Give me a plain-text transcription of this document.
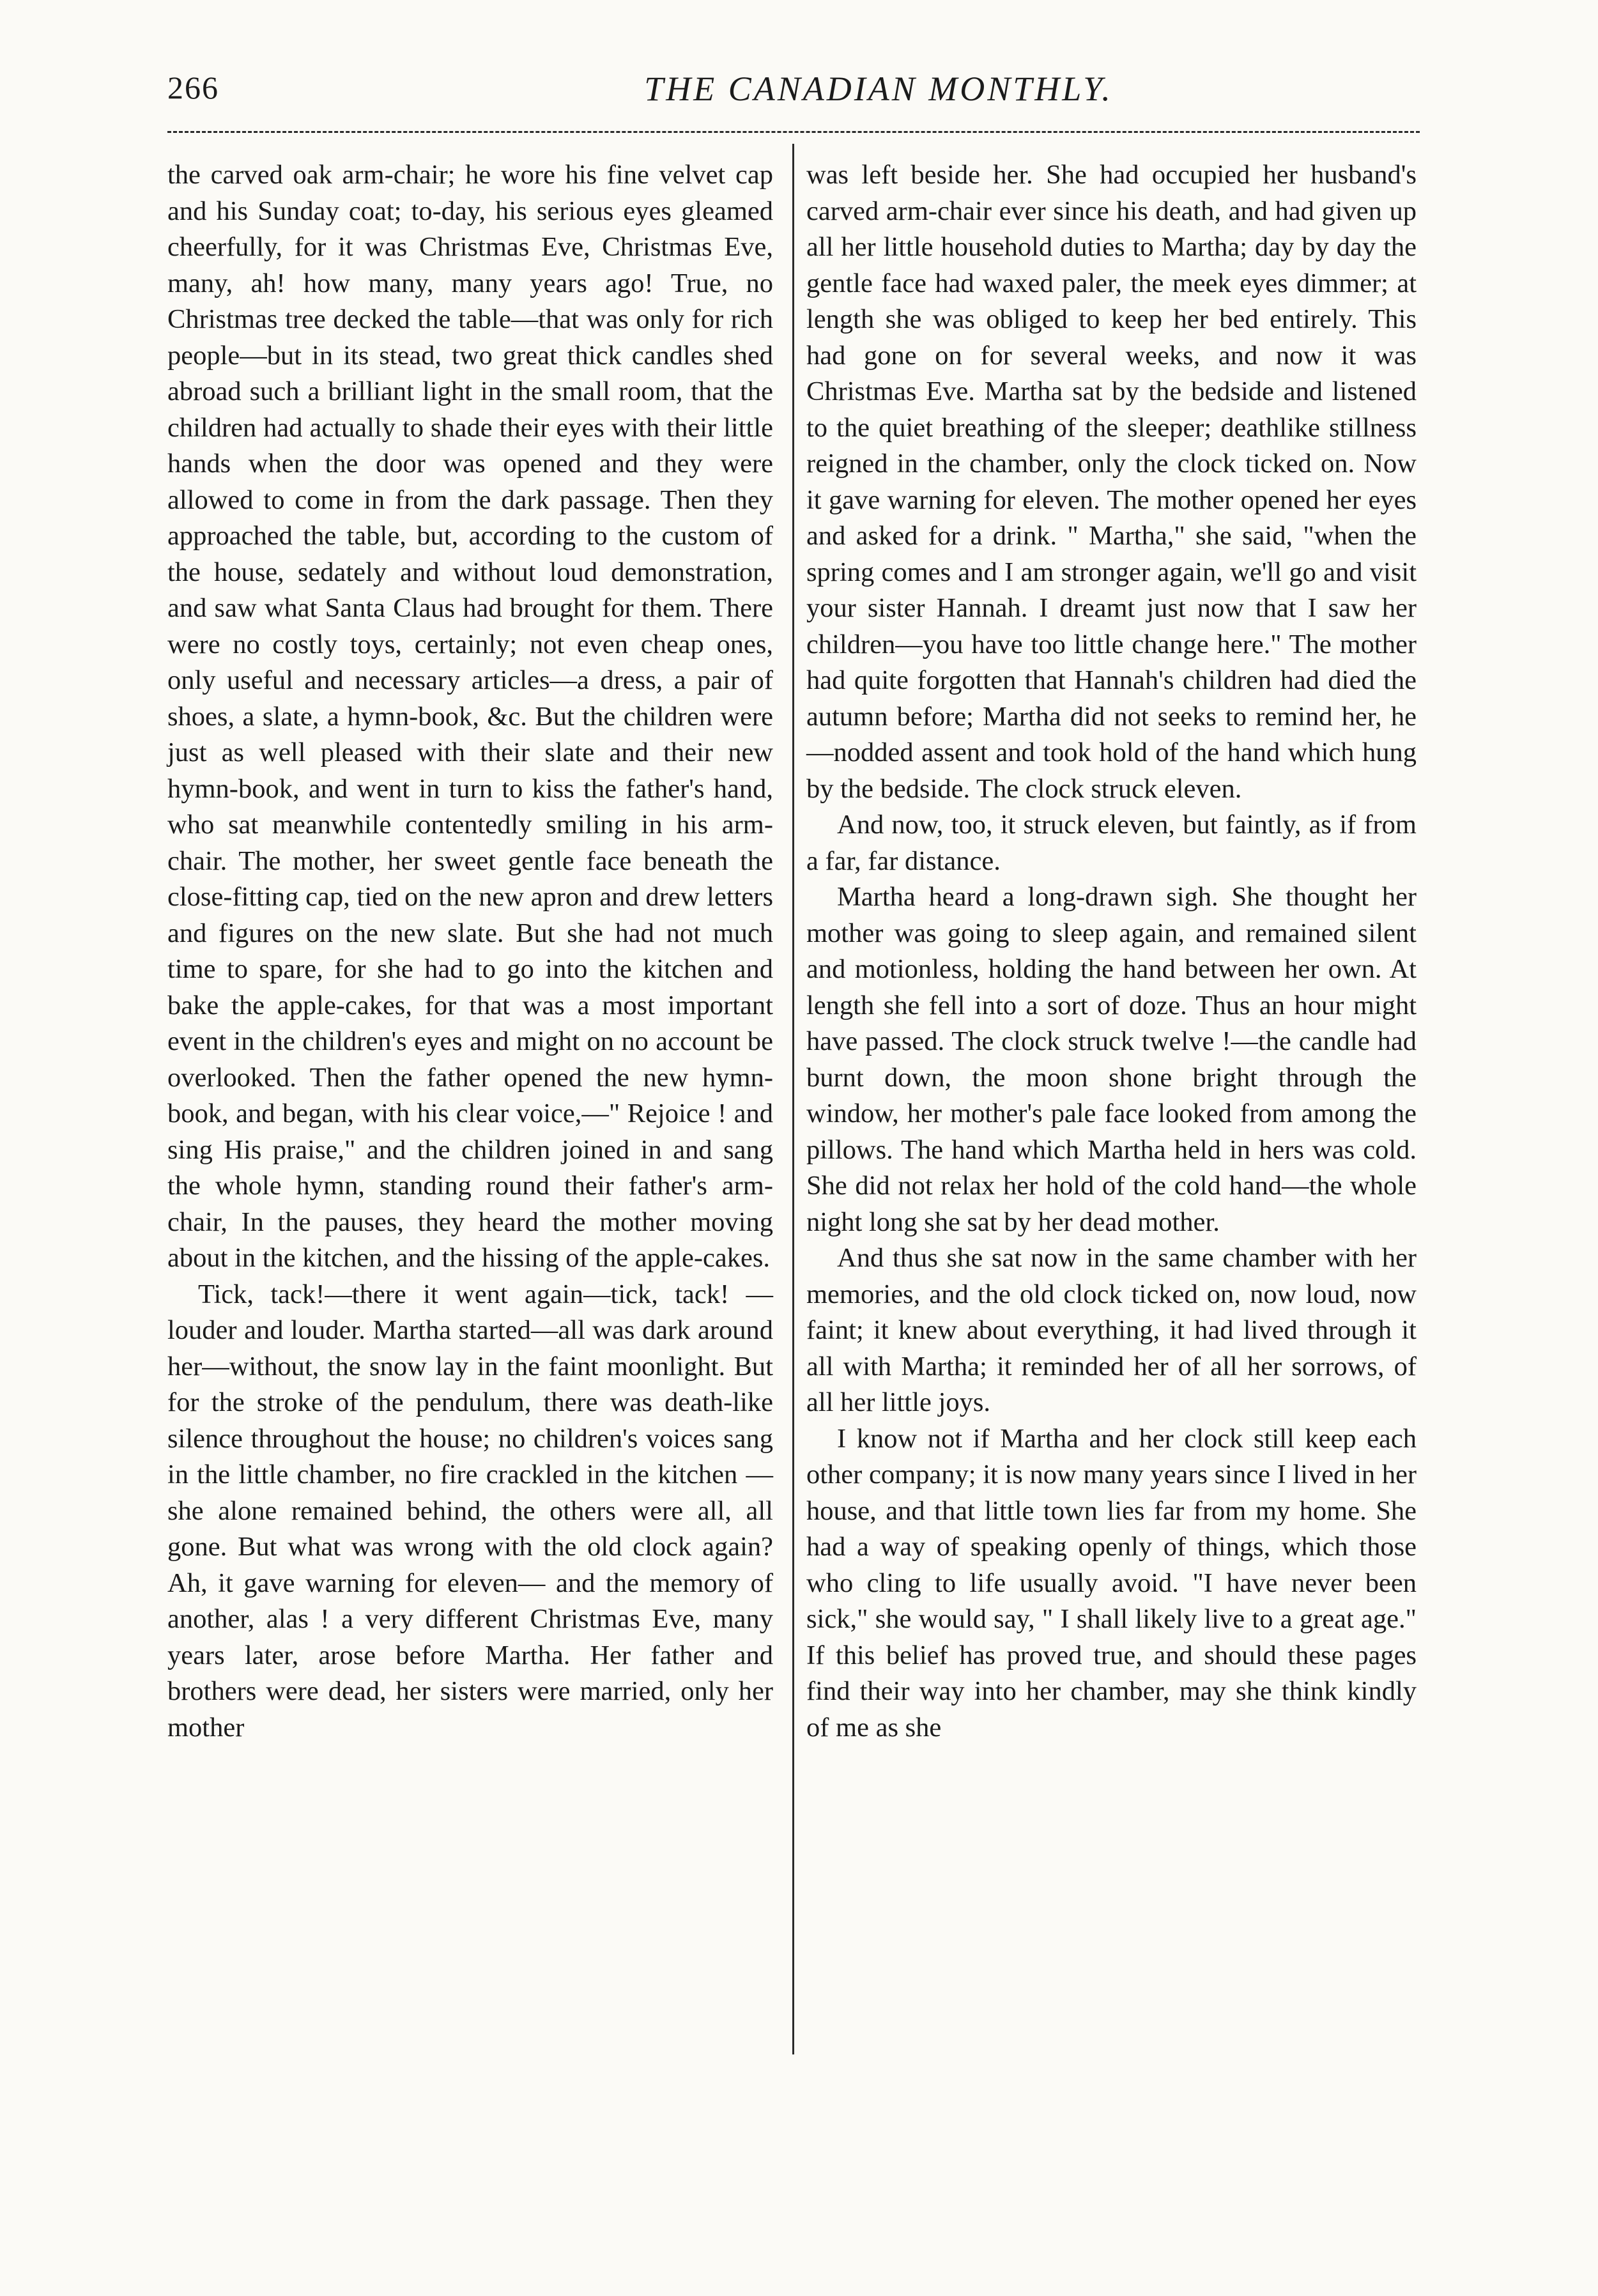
266	THE CANADIAN MONTHLY.

the carved oak arm-chair; he wore his fine velvet cap and his Sunday coat; to-day, his serious eyes gleamed cheerfully, for it was Christmas Eve, Christmas Eve, many, ah! how many, many years ago! True, no Christmas tree decked the table—that was only for rich people—but in its stead, two great thick candles shed abroad such a brilliant light in the small room, that the children had actually to shade their eyes with their little hands when the door was opened and they were allowed to come in from the dark passage. Then they approached the table, but, according to the custom of the house, sedately and without loud demonstration, and saw what Santa Claus had brought for them. There were no costly toys, certainly; not even cheap ones, only useful and necessary articles—a dress, a pair of shoes, a slate, a hymn-book, &c. But the children were just as well pleased with their slate and their new hymn-book, and went in turn to kiss the father's hand, who sat meanwhile contentedly smiling in his arm-chair. The mother, her sweet gentle face beneath the close-fitting cap, tied on the new apron and drew letters and figures on the new slate. But she had not much time to spare, for she had to go into the kitchen and bake the apple-cakes, for that was a most important event in the children's eyes and might on no account be overlooked. Then the father opened the new hymn-book, and began, with his clear voice,—" Rejoice ! and sing His praise," and the children joined in and sang the whole hymn, standing round their father's arm-chair, In the pauses, they heard the mother moving about in the kitchen, and the hissing of the apple-cakes.

Tick, tack!—there it went again—tick, tack! —louder and louder. Martha started—all was dark around her—without, the snow lay in the faint moonlight. But for the stroke of the pendulum, there was death-like silence throughout the house; no children's voices sang in the little chamber, no fire crackled in the kitchen —she alone remained behind, the others were all, all gone. But what was wrong with the old clock again? Ah, it gave warning for eleven— and the memory of another, alas ! a very different Christmas Eve, many years later, arose before Martha. Her father and brothers were dead, her sisters were married, only her mother

was left beside her. She had occupied her husband's carved arm-chair ever since his death, and had given up all her little household duties to Martha; day by day the gentle face had waxed paler, the meek eyes dimmer; at length she was obliged to keep her bed entirely. This had gone on for several weeks, and now it was Christmas Eve. Martha sat by the bedside and listened to the quiet breathing of the sleeper; deathlike stillness reigned in the chamber, only the clock ticked on. Now it gave warning for eleven. The mother opened her eyes and asked for a drink. " Martha," she said, "when the spring comes and I am stronger again, we'll go and visit your sister Hannah. I dreamt just now that I saw her children—you have too little change here." The mother had quite forgotten that Hannah's children had died the autumn before; Martha did not seeks to remind her, he—nodded assent and took hold of the hand which hung by the bedside. The clock struck eleven.

And now, too, it struck eleven, but faintly, as if from a far, far distance.

Martha heard a long-drawn sigh. She thought her mother was going to sleep again, and remained silent and motionless, holding the hand between her own. At length she fell into a sort of doze. Thus an hour might have passed. The clock struck twelve !—the candle had burnt down, the moon shone bright through the window, her mother's pale face looked from among the pillows. The hand which Martha held in hers was cold. She did not relax her hold of the cold hand—the whole night long she sat by her dead mother.

And thus she sat now in the same chamber with her memories, and the old clock ticked on, now loud, now faint; it knew about everything, it had lived through it all with Martha; it reminded her of all her sorrows, of all her little joys.

I know not if Martha and her clock still keep each other company; it is now many years since I lived in her house, and that little town lies far from my home. She had a way of speaking openly of things, which those who cling to life usually avoid. "I have never been sick," she would say, " I shall likely live to a great age." If this belief has proved true, and should these pages find their way into her chamber, may she think kindly of me as she
